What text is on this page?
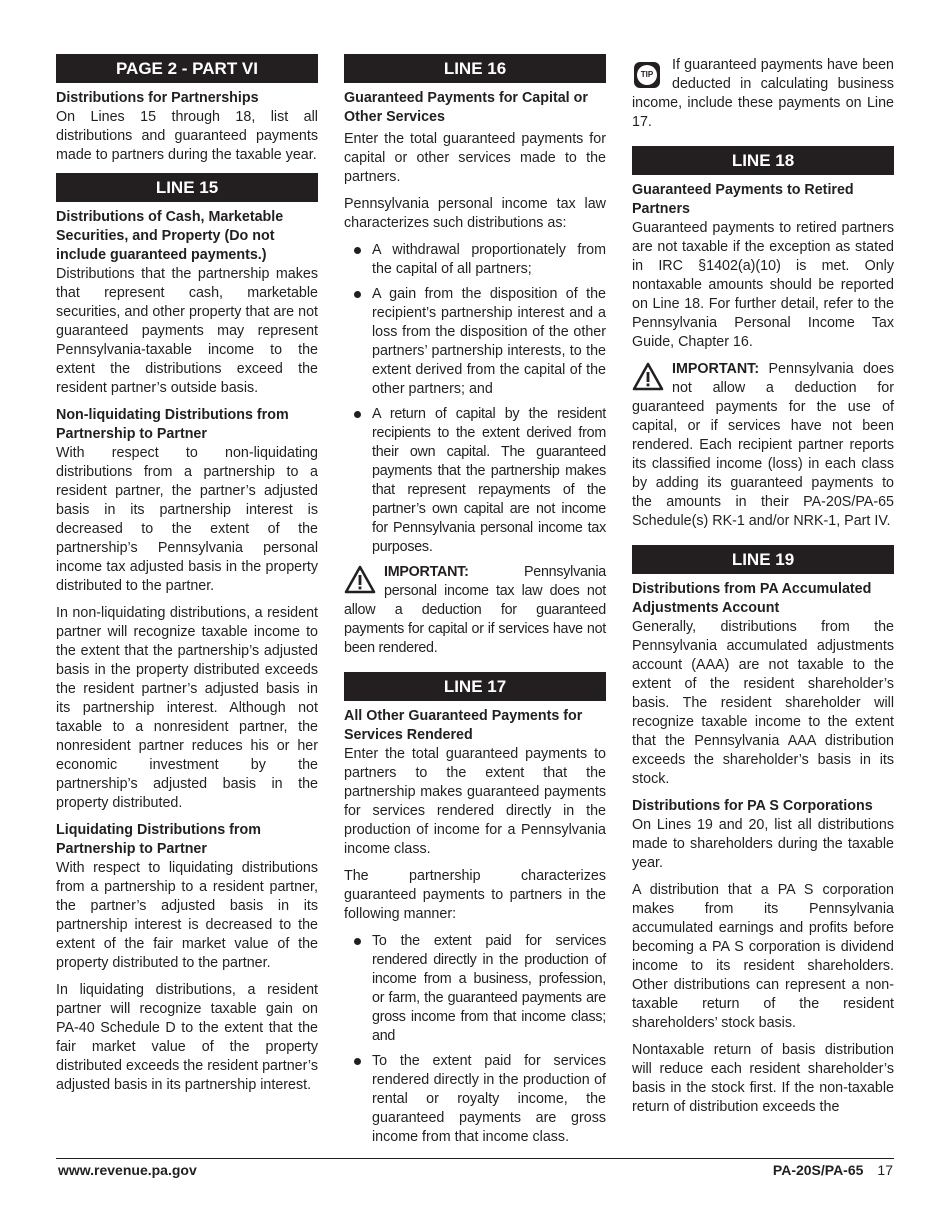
PAGE 2 - PART VI
Distributions for Partnerships

On Lines 15 through 18, list all distributions and guaranteed payments made to partners during the taxable year.

LINE 15
Distributions of Cash, Marketable Securities, and Property (Do not include guaranteed payments.)

Distributions that the partnership makes that represent cash, marketable securities, and other property that are not guaranteed payments may represent Pennsylvania-taxable income to the extent the distributions exceed the resident partner’s outside basis.

Non-liquidating Distributions from Partnership to Partner

With respect to non-liquidating distributions from a partnership to a resident partner, the partner’s adjusted basis in its partnership interest is decreased to the extent of the partnership’s Pennsylvania personal income tax adjusted basis in the property distributed to the partner.

In non-liquidating distributions, a resident partner will recognize taxable income to the extent that the partnership’s adjusted basis in the property distributed exceeds the resident partner’s adjusted basis in its partnership interest. Although not taxable to a nonresident partner, the nonresident partner reduces his or her economic investment by the partnership’s adjusted basis in the property distributed.

Liquidating Distributions from Partnership to Partner

With respect to liquidating distributions from a partnership to a resident partner, the partner’s adjusted basis in its partnership interest is decreased to the extent of the fair market value of the property distributed to the partner.

In liquidating distributions, a resident partner will recognize taxable gain on PA-40 Schedule D to the extent that the fair market value of the property distributed exceeds the resident partner’s adjusted basis in its partnership interest.

LINE 16
Guaranteed Payments for Capital or Other Services

Enter the total guaranteed payments for capital or other services made to the partners.

Pennsylvania personal income tax law characterizes such distributions as:

A withdrawal proportionately from the capital of all partners;
A gain from the disposition of the recipient’s partnership interest and a loss from the disposition of the other partners’ partnership interests, to the extent derived from the capital of the other partners; and
A return of capital by the resident recipients to the extent derived from their own capital. The guaranteed payments that the partnership makes that represent repayments of the partner’s own capital are not income for Pennsylvania personal income tax purposes.

IMPORTANT:	Pennsylvania personal income tax law does not allow a deduction for guaranteed payments for capital or if services have not been rendered.

LINE 17
All Other Guaranteed Payments for Services Rendered

Enter the total guaranteed payments to partners to the extent that the partnership makes guaranteed payments for services rendered directly in the production of income for a Pennsylvania income class.

The partnership characterizes guaranteed payments to partners in the following manner:

To the extent paid for services rendered directly in the production of income from a business, profession, or farm, the guaranteed payments are gross income from that income class; and
To the extent paid for services rendered directly in the production of rental or royalty income, the guaranteed payments are gross income from that income class.
TIP

If guaranteed payments have been deducted in calculating business income, include these payments on Line 17.

LINE 18
Guaranteed Payments to Retired Partners

Guaranteed payments to retired partners are not taxable if the exception as stated in IRC §1402(a)(10) is met. Only nontaxable amounts should be reported on Line 18. For further detail, refer to the Pennsylvania Personal Income Tax Guide, Chapter 16.

IMPORTANT: Pennsylvania does not allow a deduction for guaranteed payments for the use of capital, or if services have not been rendered. Each recipient partner reports its classified income (loss) in each class by adding its guaranteed payments to the amounts in their PA-20S/PA-65 Schedule(s) RK-1 and/or NRK-1, Part IV.

LINE 19
Distributions from PA Accumulated Adjustments Account

Generally, distributions from the Pennsylvania accumulated adjustments account (AAA) are not taxable to the extent of the resident shareholder’s basis. The resident shareholder will recognize taxable income to the extent that the Pennsylvania AAA distribution exceeds the shareholder’s basis in its stock.

Distributions for PA S Corporations

On Lines 19 and 20, list all distributions made to shareholders during the taxable year.

A distribution that a PA S corporation makes from its Pennsylvania accumulated earnings and profits before becoming a PA S corporation is dividend income to its resident shareholders. Other distributions can represent a non-taxable return of the resident shareholders’ stock basis.

Nontaxable return of basis distribution will reduce each resident shareholder’s basis in the stock first. If the non-taxable return of distribution exceeds the

www.revenue.pa.gov	PA-20S/PA-65 17
